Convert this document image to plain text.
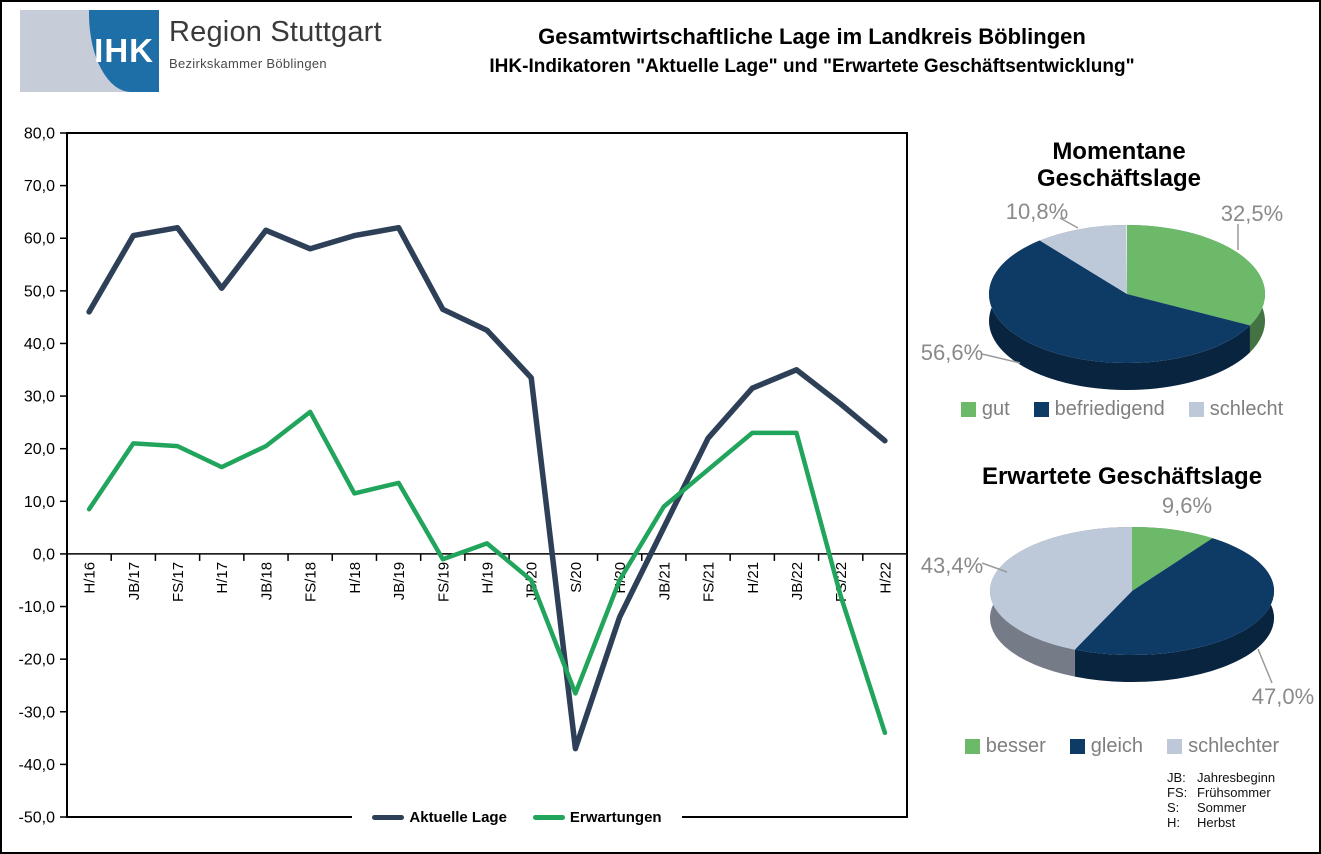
IHK Region Stuttgart
Bezirkskammer Böblingen
Gesamtwirtschaftliche Lage im Landkreis Böblingen
IHK-Indikatoren "Aktuelle Lage" und "Erwartete Geschäftsentwicklung"
80,0
70,0
60,0
50,0
40,0
30,0
20,0
10,0
0,0
-10,0
-20,0
-30,0
-40,0
-50,0
H/16 JB/17 FS/17 H/17 JB/18 FS/18 H/18 JB/19 FS/19 H/19 JB/20 S/20 H/20 JB/21 FS/21 H/21 JB/22 FS/22 H/22
Aktuelle Lage	Erwartungen
Momentane Geschäftslage
10,8%	32,5%
56,6%
gut befriedigend schlecht
Erwartete Geschäftslage
9,6%
43,4%
47,0%
besser gleich schlechter
JB: Jahresbeginn
FS: Frühsommer
S:	Sommer
H:	Herbst
